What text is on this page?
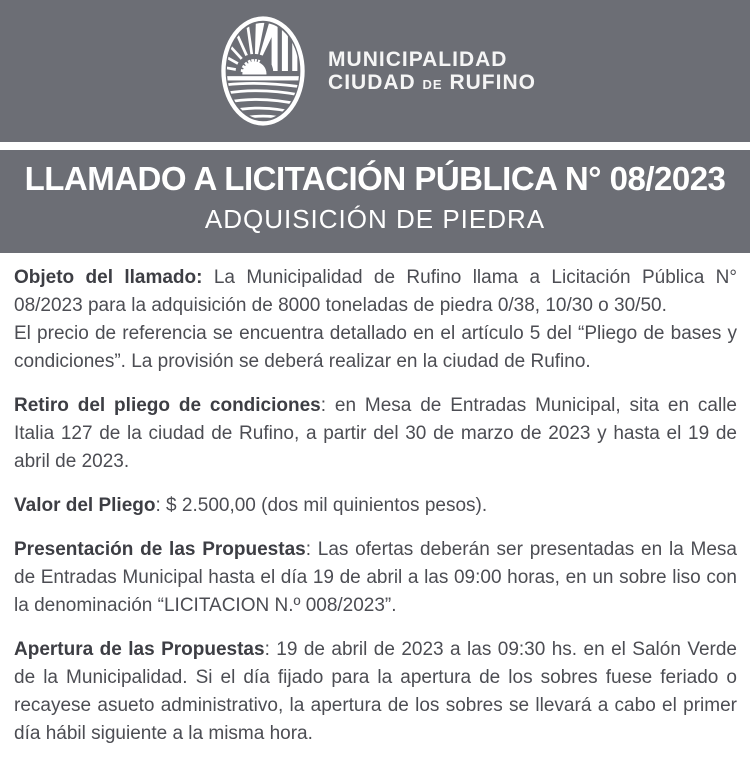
MUNICIPALIDAD
CIUDAD DE RUFINO
LLAMADO A LICITACIÓN PÚBLICA N° 08/2023
ADQUISICIÓN DE PIEDRA

Objeto del llamado: La Municipalidad de Rufino llama a Licitación Pública N° 08/2023 para la adquisición de 8000 toneladas de piedra 0/38, 10/30 o 30/50.
El precio de referencia se encuentra detallado en el artículo 5 del “Pliego de bases y condiciones”. La provisión se deberá realizar en la ciudad de Rufino.

Retiro del pliego de condiciones: en Mesa de Entradas Municipal, sita en calle Italia 127 de la ciudad de Rufino, a partir del 30 de marzo de 2023 y hasta el 19 de abril de 2023.

Valor del Pliego: $ 2.500,00 (dos mil quinientos pesos).

Presentación de las Propuestas: Las ofertas deberán ser presentadas en la Mesa de Entradas Municipal hasta el día 19 de abril a las 09:00 horas, en un sobre liso con la denominación “LICITACION N.º 008/2023”.

Apertura de las Propuestas: 19 de abril de 2023 a las 09:30 hs. en el Salón Verde de la Municipalidad. Si el día fijado para la apertura de los sobres fuese feriado o recayese asueto administrativo, la apertura de los sobres se llevará a cabo el primer día hábil siguiente a la misma hora.
